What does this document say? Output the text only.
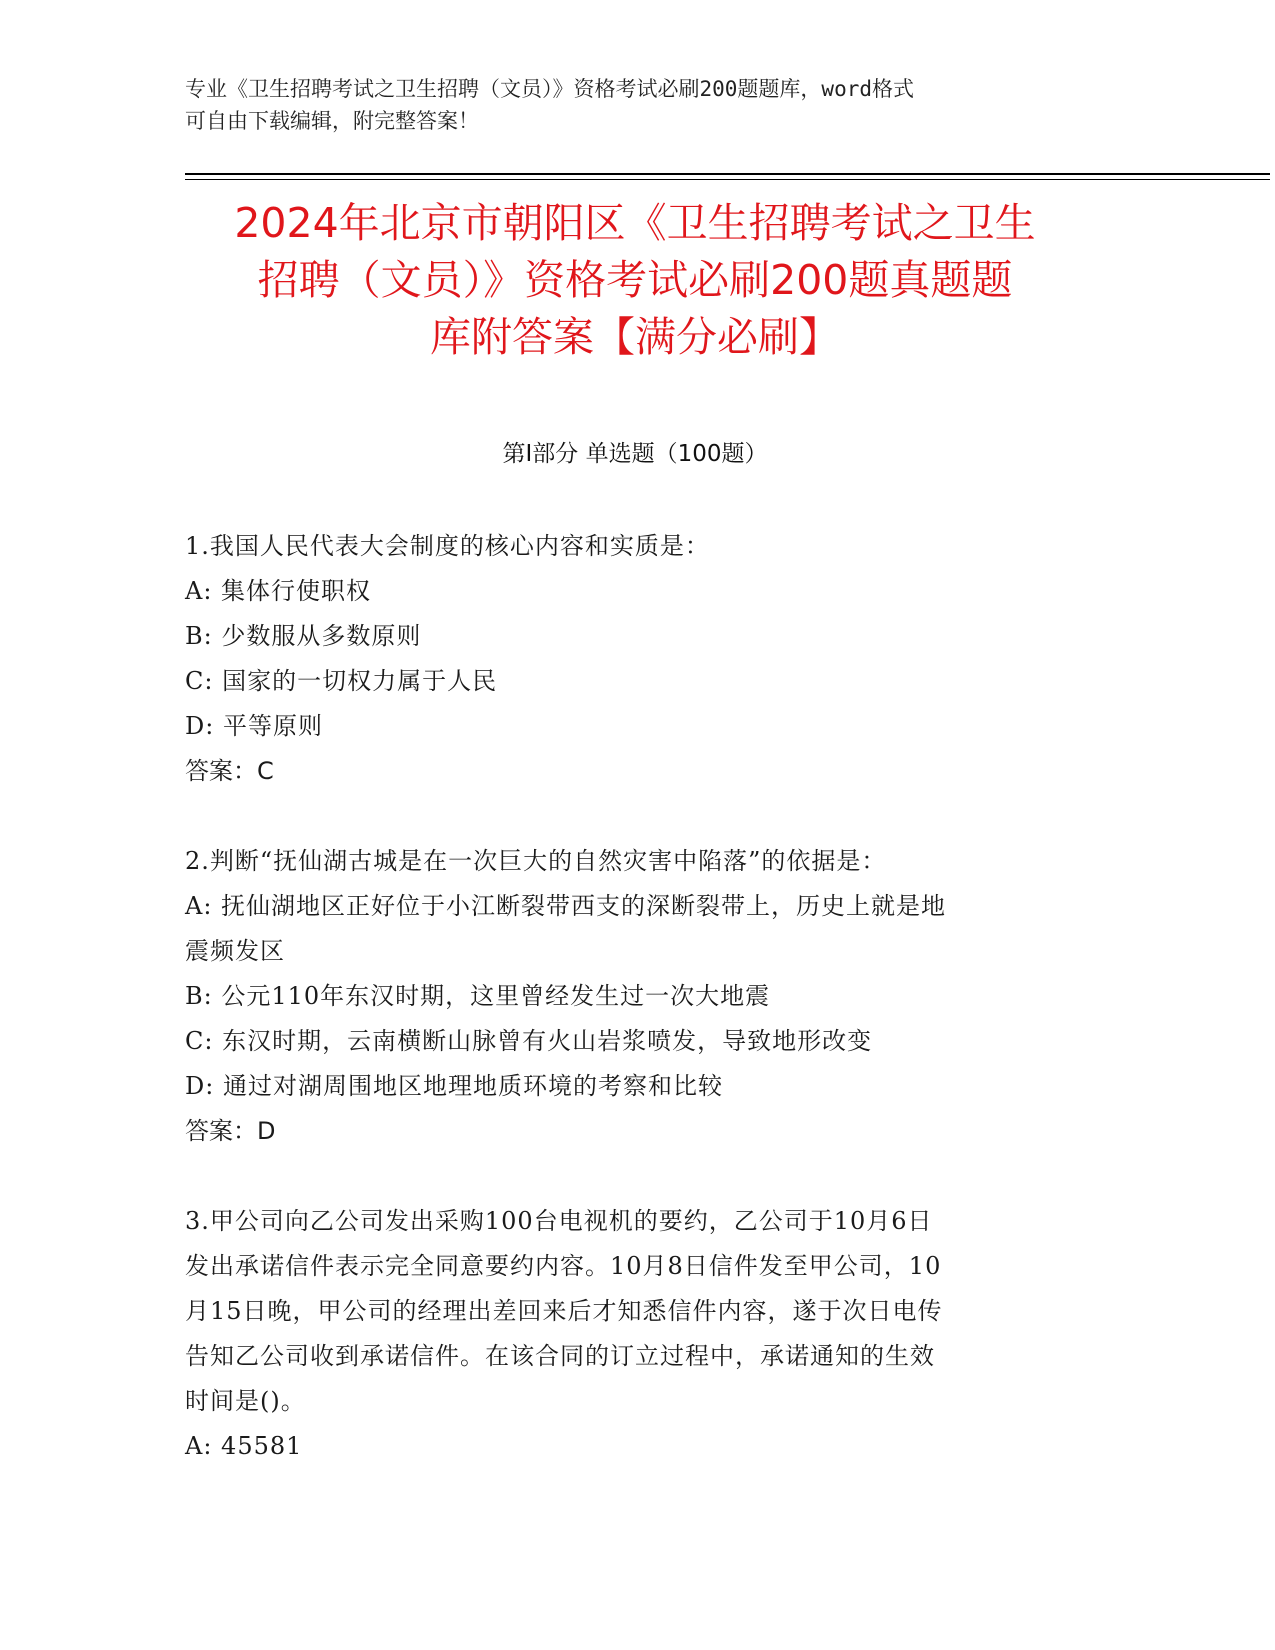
专业《卫生招聘考试之卫生招聘（文员）》资格考试必刷200题题库，word格式
可自由下载编辑，附完整答案！
2024年北京市朝阳区《卫生招聘考试之卫生
招聘（文员）》资格考试必刷200题真题题
库附答案【满分必刷】
第Ⅰ部分 单选题（100题）

1.我国人民代表大会制度的核心内容和实质是：

A: 集体行使职权

B: 少数服从多数原则

C: 国家的一切权力属于人民

D: 平等原则

答案：C

2.判断“抚仙湖古城是在一次巨大的自然灾害中陷落”的依据是：

A: 抚仙湖地区正好位于小江断裂带西支的深断裂带上，历史上就是地

震频发区

B: 公元110年东汉时期，这里曾经发生过一次大地震

C: 东汉时期，云南横断山脉曾有火山岩浆喷发，导致地形改变

D: 通过对湖周围地区地理地质环境的考察和比较

答案：D

3.甲公司向乙公司发出采购100台电视机的要约，乙公司于10月6日

发出承诺信件表示完全同意要约内容。10月8日信件发至甲公司，10

月15日晚，甲公司的经理出差回来后才知悉信件内容，遂于次日电传

告知乙公司收到承诺信件。在该合同的订立过程中，承诺通知的生效

时间是()。

A: 45581
